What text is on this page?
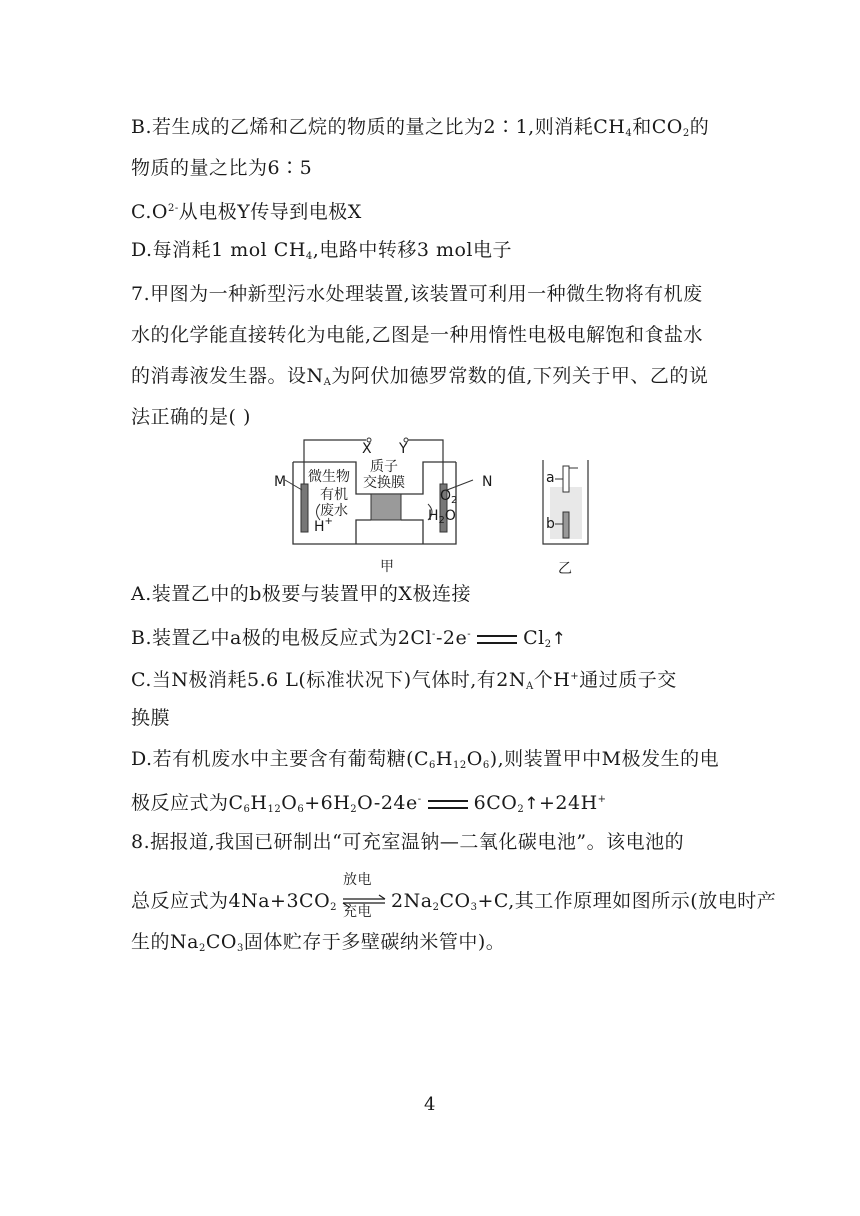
B.若生成的乙烯和乙烷的物质的量之比为2∶1,则消耗$CH_4$和$CO_2$的
物质的量之比为6∶5
$C.O^{2-}$从电极Y传导到电极X
D.每消耗1 mol $CH_4$,电路中转移3 mol电子
7.甲图为一种新型污水处理装置,该装置可利用一种微生物将有机废
水的化学能直接转化为电能,乙图是一种用惰性电极电解饱和食盐水
的消毒液发生器。设$N_A$为阿伏加德罗常数的值,下列关于甲、乙的说
法正确的是( )
X Y
M	N
微生物
有机
废水
H+
质子
交换膜
$O_2$
$H_2O$
a
b
甲	乙
A.装置乙中的b极要与装置甲的X极连接
B.装置乙中a极的电极反应式为2Cl--2e-	$Cl_2↑$
C.当N极消耗5.6 L(标准状况下)气体时,有$2N_A$个H+通过质子交
换膜
D.若有机废水中主要含有葡萄糖$(C_6H_{12}O_6)$,则装置甲中M极发生的电
极反应式为$C_6H_{12}O_6+6H_2O-24e^-$	$6CO_2↑+24H^+$
8.据报道,我国已研制出“可充室温钠—二氧化碳电池”。该电池的
总反应式为$4Na+3CO_2$
放电
充电 $2Na_2CO_3+C$,其工作原理如图所示(放电时产
生的$Na_2CO_3$固体贮存于多壁碳纳米管中)。
4
